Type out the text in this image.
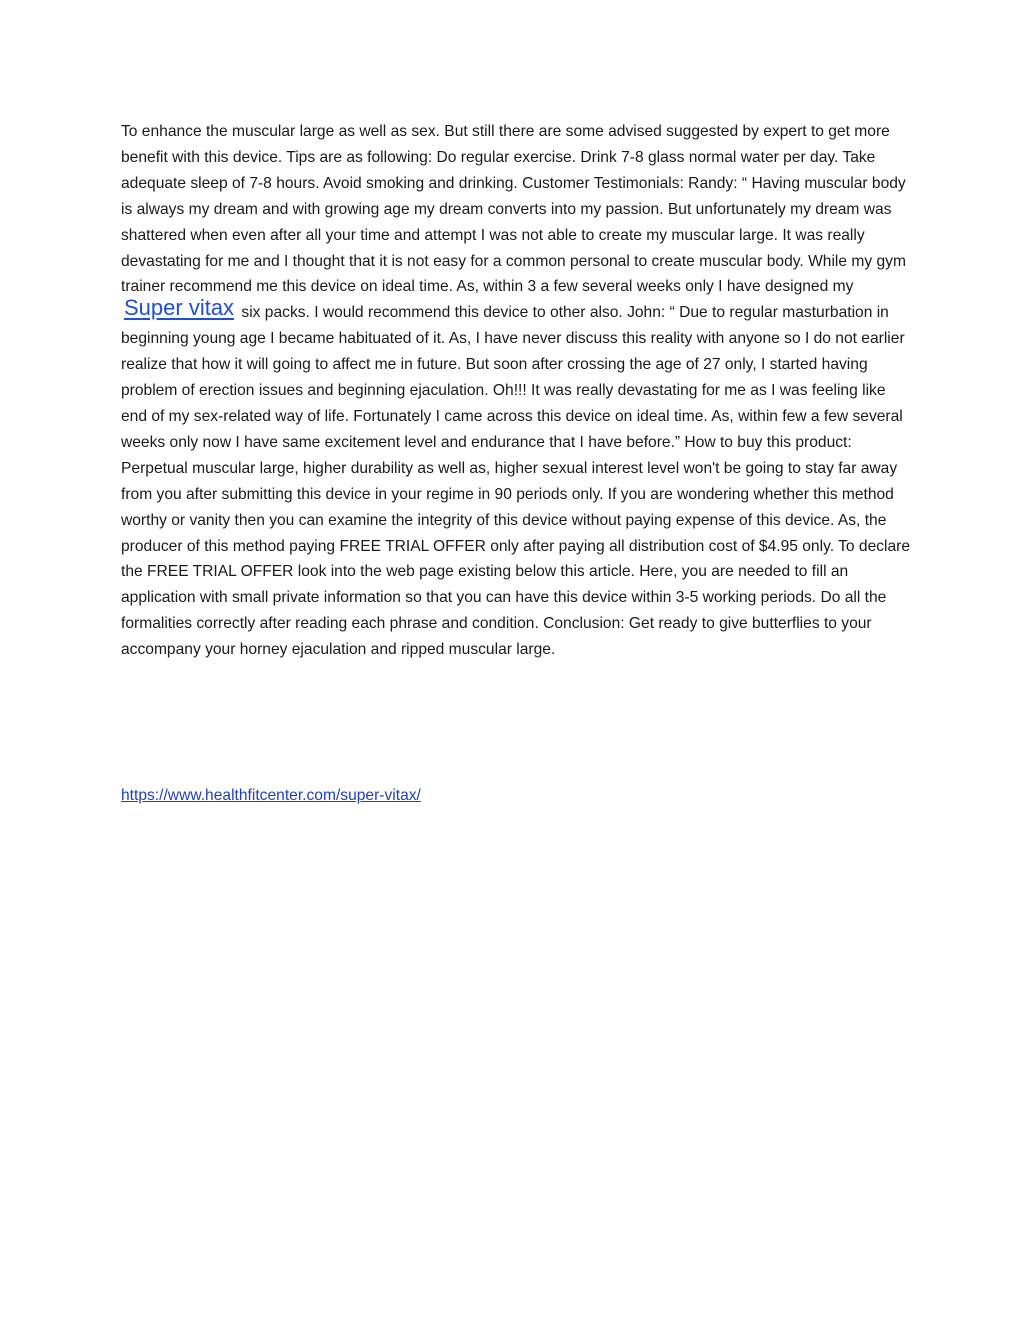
To enhance the muscular large as well as sex. But still there are some advised suggested by expert to get more benefit with this device. Tips are as following: Do regular exercise. Drink 7-8 glass normal water per day. Take adequate sleep of 7-8 hours. Avoid smoking and drinking. Customer Testimonials: Randy: “ Having muscular body is always my dream and with growing age my dream converts into my passion. But unfortunately my dream was shattered when even after all your time and attempt I was not able to create my muscular large. It was really devastating for me and I thought that it is not easy for a common personal to create muscular body. While my gym trainer recommend me this device on ideal time. As, within 3 a few several weeks only I have designed my Super vitax six packs. I would recommend this device to other also. John: “ Due to regular masturbation in beginning young age I became habituated of it. As, I have never discuss this reality with anyone so I do not earlier realize that how it will going to affect me in future. But soon after crossing the age of 27 only, I started having problem of erection issues and beginning ejaculation. Oh!!! It was really devastating for me as I was feeling like end of my sex-related way of life. Fortunately I came across this device on ideal time. As, within few a few several weeks only now I have same excitement level and endurance that I have before.” How to buy this product: Perpetual muscular large, higher durability as well as, higher sexual interest level won't be going to stay far away from you after submitting this device in your regime in 90 periods only. If you are wondering whether this method worthy or vanity then you can examine the integrity of this device without paying expense of this device. As, the producer of this method paying FREE TRIAL OFFER only after paying all distribution cost of $4.95 only. To declare the FREE TRIAL OFFER look into the web page existing below this article. Here, you are needed to fill an application with small private information so that you can have this device within 3-5 working periods. Do all the formalities correctly after reading each phrase and condition. Conclusion: Get ready to give butterflies to your accompany your horney ejaculation and ripped muscular large.

https://www.healthfitcenter.com/super-vitax/
